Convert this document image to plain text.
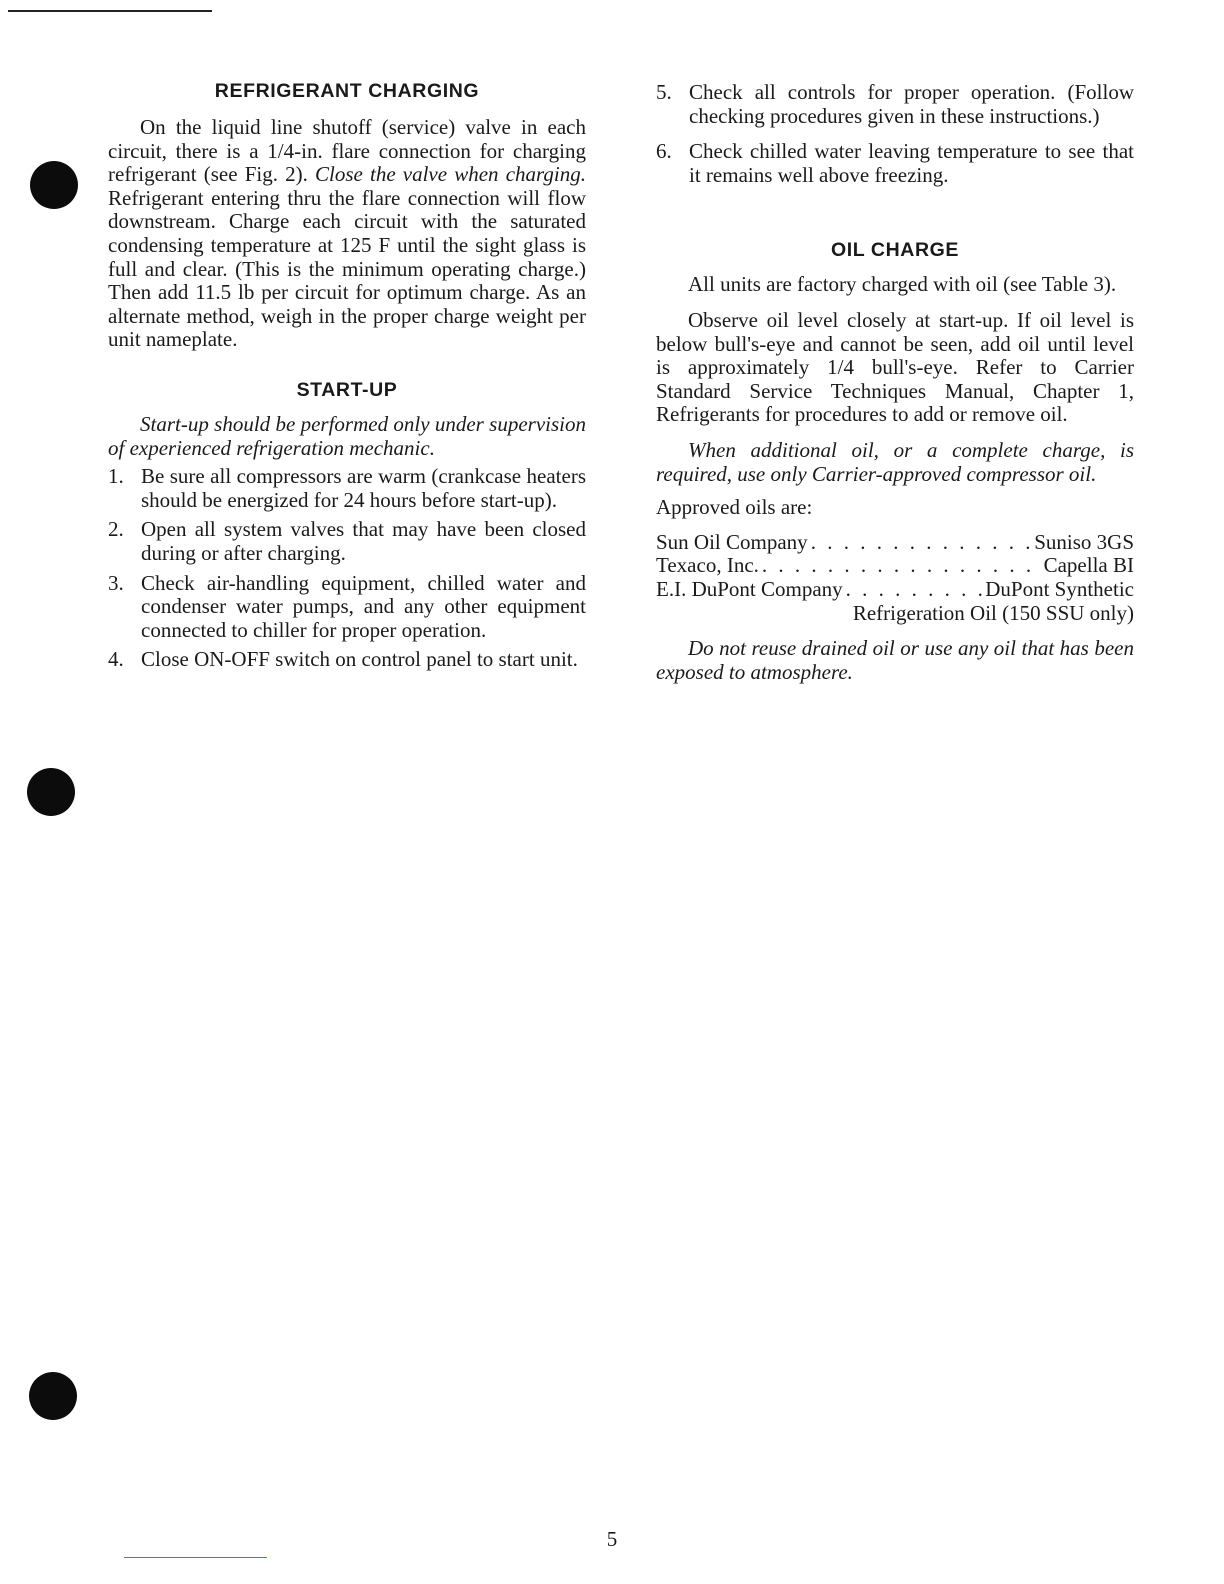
REFRIGERANT CHARGING

On the liquid line shutoff (service) valve in each circuit, there is a 1/4-in. flare connection for charging refrigerant (see Fig. 2). Close the valve when charging. Refrigerant entering thru the flare connection will flow downstream. Charge each circuit with the saturated condensing temperature at 125 F until the sight glass is full and clear. (This is the minimum operating charge.) Then add 11.5 lb per circuit for optimum charge. As an alternate method, weigh in the proper charge weight per unit nameplate.

START-UP

Start-up should be performed only under supervision of experienced refrigeration mechanic.

1. Be sure all compressors are warm (crankcase heaters should be energized for 24 hours before start-up).
2. Open all system valves that may have been closed during or after charging.
3. Check air-handling equipment, chilled water and condenser water pumps, and any other equipment connected to chiller for proper operation.
4. Close ON-OFF switch on control panel to start unit.
5. Check all controls for proper operation. (Follow checking procedures given in these instructions.)
6. Check chilled water leaving temperature to see that it remains well above freezing.
OIL CHARGE

All units are factory charged with oil (see Table 3).

Observe oil level closely at start-up. If oil level is below bull's-eye and cannot be seen, add oil until level is approximately 1/4 bull's-eye. Refer to Carrier Standard Service Techniques Manual, Chapter 1, Refrigerants for procedures to add or remove oil.

When additional oil, or a complete charge, is required, use only Carrier-approved compressor oil.

Approved oils are:

Sun Oil Company . . .	Suniso 3GS
Texaco, Inc. . . .	Capella BI
E.I. DuPont Company . . .	DuPont Synthetic
Refrigeration Oil (150 SSU only)

Do not reuse drained oil or use any oil that has been exposed to atmosphere.

5
